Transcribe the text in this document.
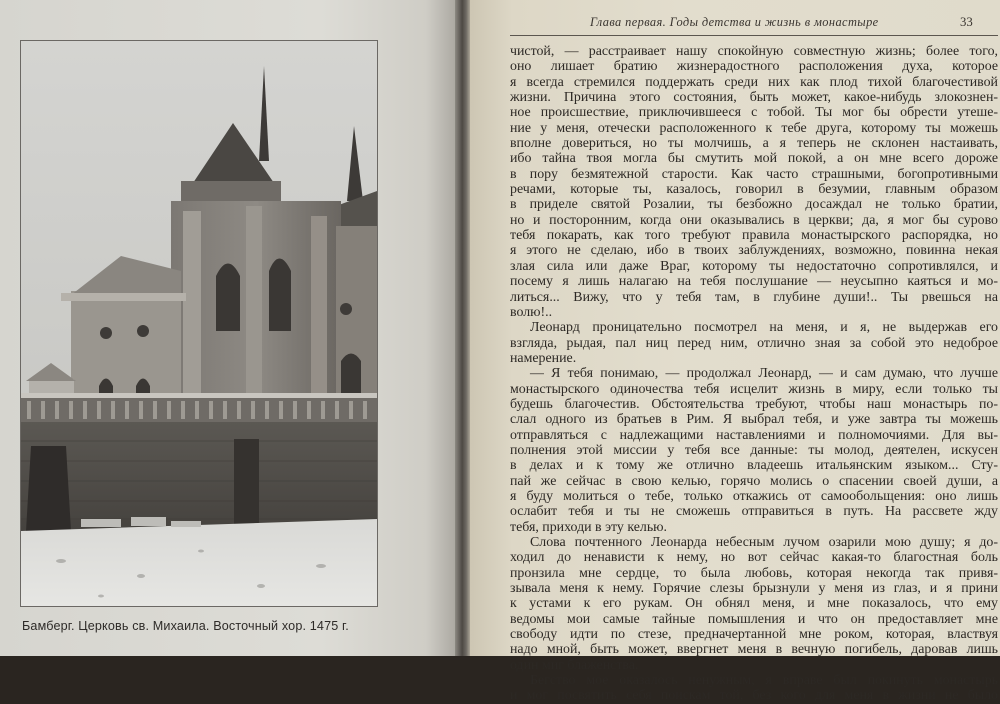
Бамберг. Церковь св. Михаила. Восточный хор. 1475 г.
Глава первая. Годы детства и жизнь в монастыре	33
чистой, — расстраивает нашу спокойную совместную жизнь; более того,
оно лишает братию жизнерадостного расположения духа, которое
я всегда стремился поддержать среди них как плод тихой благочестивой
жизни. Причина этого состояния, быть может, какое-нибудь злокознен-
ное происшествие, приключившееся с тобой. Ты мог бы обрести утеше-
ние у меня, отечески расположенного к тебе друга, которому ты можешь
вполне довериться, но ты молчишь, а я теперь не склонен настаивать,
ибо тайна твоя могла бы смутить мой покой, а он мне всего дороже
в пору безмятежной старости. Как часто страшными, богопротивными
речами, которые ты, казалось, говорил в безумии, главным образом
в приделе святой Розалии, ты безбожно досаждал не только братии,
но и посторонним, когда они оказывались в церкви; да, я мог бы сурово
тебя покарать, как того требуют правила монастырского распорядка, но
я этого не сделаю, ибо в твоих заблуждениях, возможно, повинна некая
злая сила или даже Враг, которому ты недостаточно сопротивлялся, и
посему я лишь налагаю на тебя послушание — неусыпно каяться и мо-
литься... Вижу, что у тебя там, в глубине души!.. Ты рвешься на
волю!..
Леонард проницательно посмотрел на меня, и я, не выдержав его
взгляда, рыдая, пал ниц перед ним, отлично зная за собой это недоброе
намерение.
— Я тебя понимаю, — продолжал Леонард, — и сам думаю, что лучше
монастырского одиночества тебя исцелит жизнь в миру, если только ты
будешь благочестив. Обстоятельства требуют, чтобы наш монастырь по-
слал одного из братьев в Рим. Я выбрал тебя, и уже завтра ты можешь
отправляться с надлежащими наставлениями и полномочиями. Для вы-
полнения этой миссии у тебя все данные: ты молод, деятелен, искусен
в делах и к тому же отлично владеешь итальянским языком... Сту-
пай же сейчас в свою келью, горячо молись о спасении своей души, а
я буду молиться о тебе, только откажись от самообольщения: оно лишь
ослабит тебя и ты не сможешь отправиться в путь. На рассвете жду
тебя, приходи в эту келью.
Слова почтенного Леонарда небесным лучом озарили мою душу; я до-
ходил до ненависти к нему, но вот сейчас какая-то благостная боль
пронзила мне сердце, то была любовь, которая некогда так привя-
зывала меня к нему. Горячие слезы брызнули у меня из глаз, и я прини
к устами к его рукам. Он обнял меня, и мне показалось, что ему
ведомы мои самые тайные помышления и что он предоставляет мне
свободу идти по стезе, предначертанной мне роком, которая, властвуя
надо мной, быть может, ввергнет меня в вечную погибель, даровав лишь
один миг блаженства.
Бегство мое оказалось ненужным, я вправе был покинуть монастырь
и мог посвятить себя поискам той, без кого для меня в жизни не было
